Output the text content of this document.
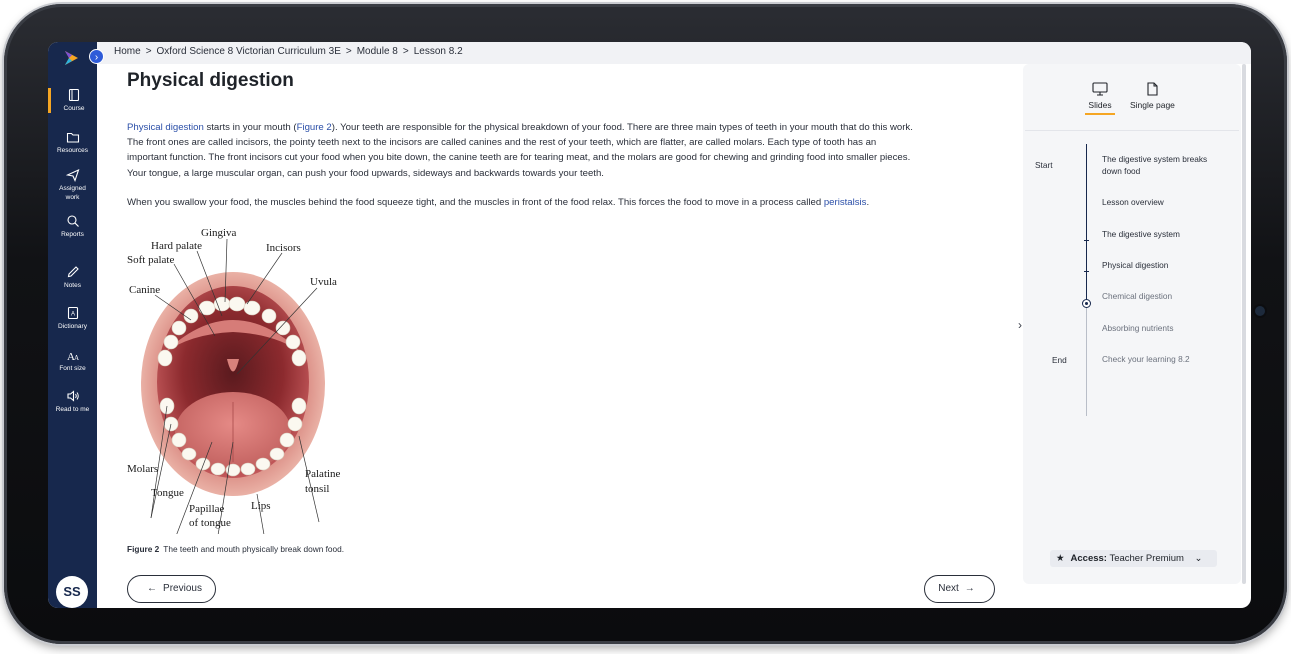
Course
Resources
Assigned work
Reports
Notes
A
Dictionary
A A
Font size
Read to me
SS
›
Home > Oxford Science 8 Victorian Curriculum 3E > Module 8 > Lesson 8.2
Physical digestion

Physical digestion starts in your mouth (Figure 2). Your teeth are responsible for the physical breakdown of your food. There are three main types of teeth in your mouth that do this work.
The front ones are called incisors, the pointy teeth next to the incisors are called canines and the rest of your teeth, which are flatter, are called molars. Each type of tooth has an
important function. The front incisors cut your food when you bite down, the canine teeth are for tearing meat, and the molars are good for chewing and grinding food into smaller pieces.
Your tongue, a large muscular organ, can push your food upwards, sideways and backwards towards your teeth.

When you swallow your food, the muscles behind the food squeeze tight, and the muscles in front of the food relax. This forces the food to move in a process called peristalsis.

Gingiva
Hard palate	Incisors
Soft palate
Uvula
Canine
Molars
Tongue
Palatine
tonsil
Papillae
of tongue
Lips
Figure 2 The teeth and mouth physically break down food.
← Previous	Next →
›
Slides	Single page
Start
End
The digestive system breaks down food
Lesson overview
The digestive system
Physical digestion
Chemical digestion
Absorbing nutrients
Check your learning 8.2
★ Access: Teacher Premium ⌄
